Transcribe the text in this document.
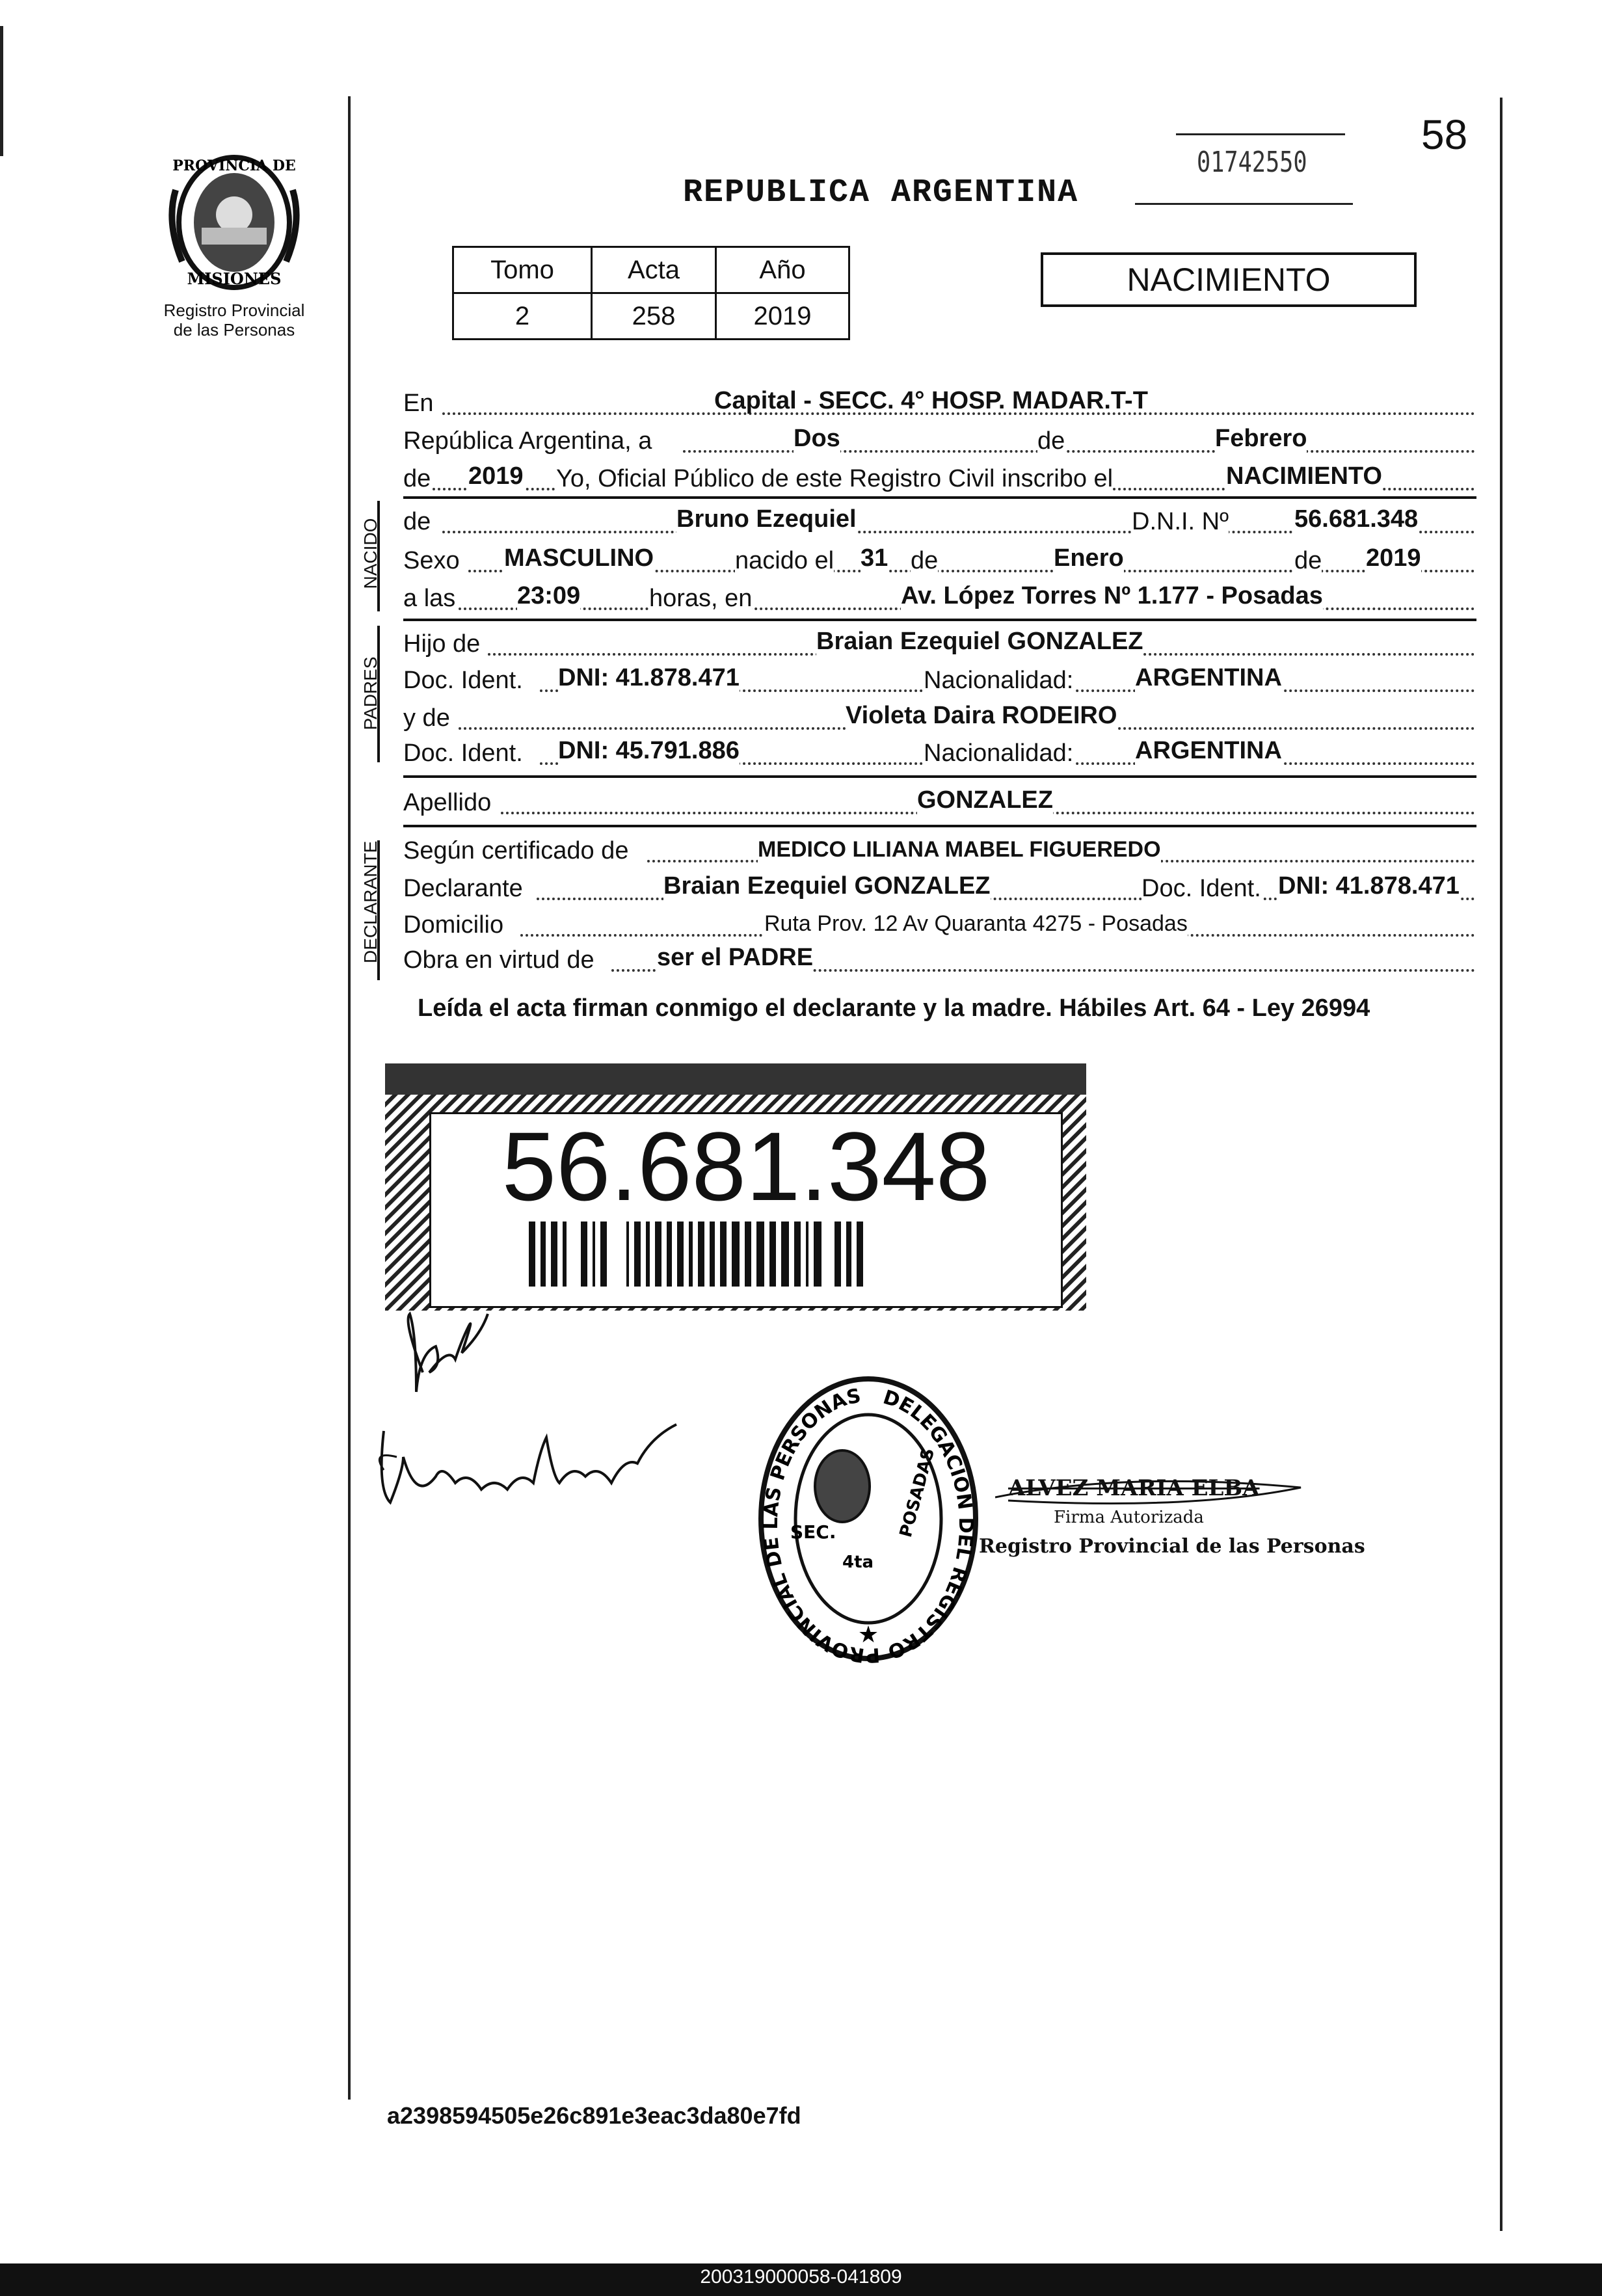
PROVINCIA DE
MISIONES
Registro Provincial
de las Personas
REPUBLICA ARGENTINA
01742550
58
Tomo	Acta	Año
2	258	2019
NACIMIENTO
En	Capital - SECC. 4° HOSP. MADAR.T-T
República Argentina, a	Dos	de	Febrero
de 2019 Yo, Oficial Público de este Registro Civil inscribo el	NACIMIENTO
NACIDO de	Bruno Ezequiel	D.N.I. Nº	56.681.348
Sexo MASCULINO	nacido el 31 de	Enero	de 2019
a las 23:09	horas, en	Av. López Torres Nº 1.177 - Posadas
PADRES
Hijo de	Braian Ezequiel GONZALEZ
Doc. Ident. DNI: 41.878.471	Nacionalidad: ARGENTINA
y de	Violeta Daira RODEIRO
Doc. Ident. DNI: 45.791.886	Nacionalidad: ARGENTINA
Apellido	GONZALEZ
DECLARANTE Según certificado de	MEDICO LILIANA MABEL FIGUEREDO
Declarante	Braian Ezequiel GONZALEZ	Doc. Ident. DNI: 41.878.471
Domicilio	Ruta Prov. 12 Av Quaranta 4275 - Posadas
Obra en virtud de	ser el PADRE
Leída el acta firman conmigo el declarante y la madre. Hábiles Art. 64 - Ley 26994
56.681.348
DELEGACION DEL REGISTRO PROVINCIAL DE LAS PERSONAS
SEC.
4ta
POSADAS
★
ALVEZ MARIA ELBA
Firma Autorizada
Registro Provincial de las Personas
a2398594505e26c891e3eac3da80e7fd
200319000058-041809
